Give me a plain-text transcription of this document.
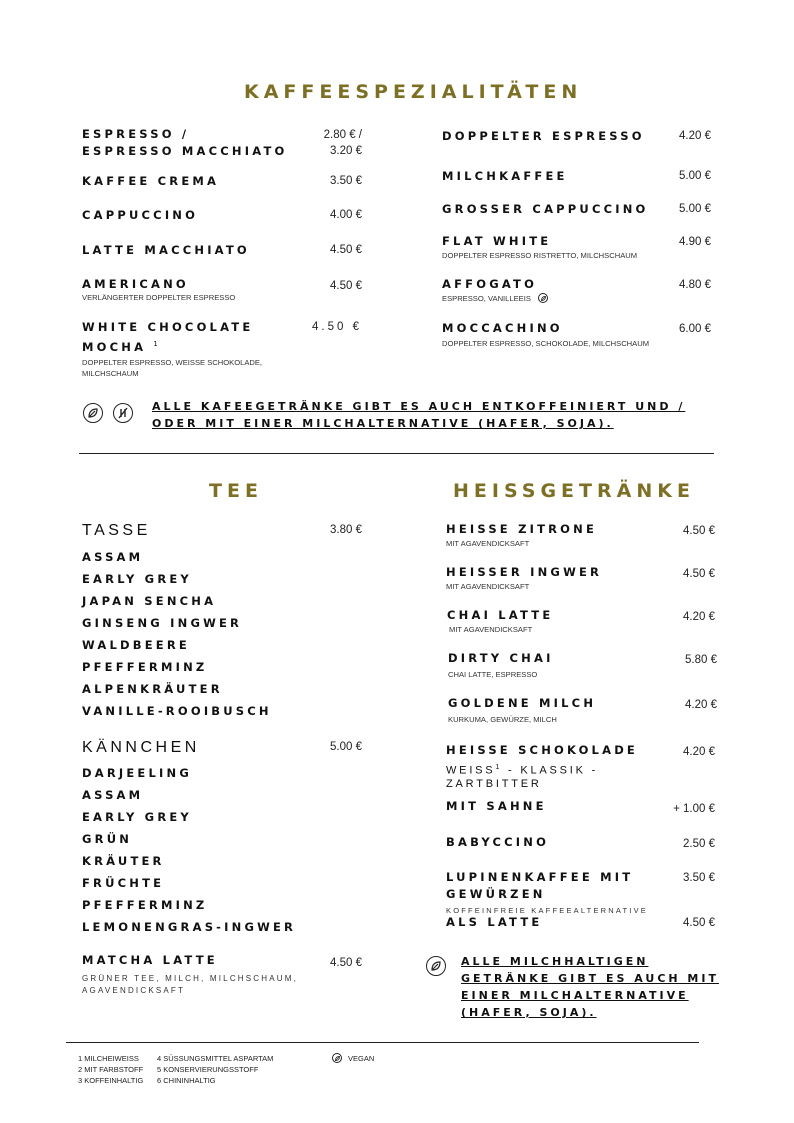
KAFFEESPEZIALITÄTEN
ESPRESSO /
ESPRESSO MACCHIATO
2.80 € /
3.20 €
KAFFEE CREMA	3.50 €
CAPPUCCINO	4.00 €
LATTE MACCHIATO	4.50 €
AMERICANO
VERLÄNGERTER DOPPELTER ESPRESSO
4.50 €
WHITE CHOCOLATE
MOCHA $^1$
4.50 €
DOPPELTER ESPRESSO, WEISSE SCHOKOLADE,
MILCHSCHAUM
DOPPELTER ESPRESSO	4.20 €
MILCHKAFFEE	5.00 €
GROSSER CAPPUCCINO	5.00 €
FLAT WHITE
DOPPELTER ESPRESSO RISTRETTO, MILCHSCHAUM
4.90 €
AFFOGATO
ESPRESSO, VANILLEEIS
4.80 €
MOCCACHINO
DOPPELTER ESPRESSO, SCHOKOLADE, MILCHSCHAUM
6.00 €
ALLE KAFEEGETRÄNKE GIBT ES AUCH ENTKOFFEINIERT UND /
ODER MIT EINER MILCHALTERNATIVE (HAFER, SOJA).
TEE
TASSE	3.80 €
ASSAM
EARLY GREY
JAPAN SENCHA
GINSENG INGWER
WALDBEERE
PFEFFERMINZ
ALPENKRÄUTER
VANILLE-ROOIBUSCH
KÄNNCHEN	5.00 €
DARJEELING
ASSAM
EARLY GREY
GRÜN
KRÄUTER
FRÜCHTE
PFEFFERMINZ
LEMONENGRAS-INGWER
MATCHA LATTE	4.50 €
GRÜNER TEE, MILCH, MILCHSCHAUM,
AGAVENDICKSAFT
HEISSGETRÄNKE
HEISSE ZITRONE
MIT AGAVENDICKSAFT
4.50 €
HEISSER INGWER
MIT AGAVENDICKSAFT
4.50 €
CHAI LATTE
MIT AGAVENDICKSAFT
4.20 €
DIRTY CHAI
CHAI LATTE, ESPRESSO
5.80 €
GOLDENE MILCH
KURKUMA, GEWÜRZE, MILCH
4.20 €
HEISSE SCHOKOLADE	4.20 €
WEISS$^1$ - KLASSIK -
ZARTBITTER
MIT SAHNE	+ 1.00 €
BABYCCINO	2.50 €
LUPINENKAFFEE MIT
GEWÜRZEN
3.50 €
KOFFEINFREIE KAFFEEALTERNATIVE
ALS LATTE	4.50 €
ALLE MILCHHALTIGEN
GETRÄNKE GIBT ES AUCH MIT
EINER MILCHALTERNATIVE
(HAFER, SOJA).
1 MILCHEIWEISS
2 MIT FARBSTOFF
3 KOFFEINHALTIG
4 SÜSSUNGSMITTEL ASPARTAM
5 KONSERVIERUNGSSTOFF
6 CHININHALTIG
VEGAN
